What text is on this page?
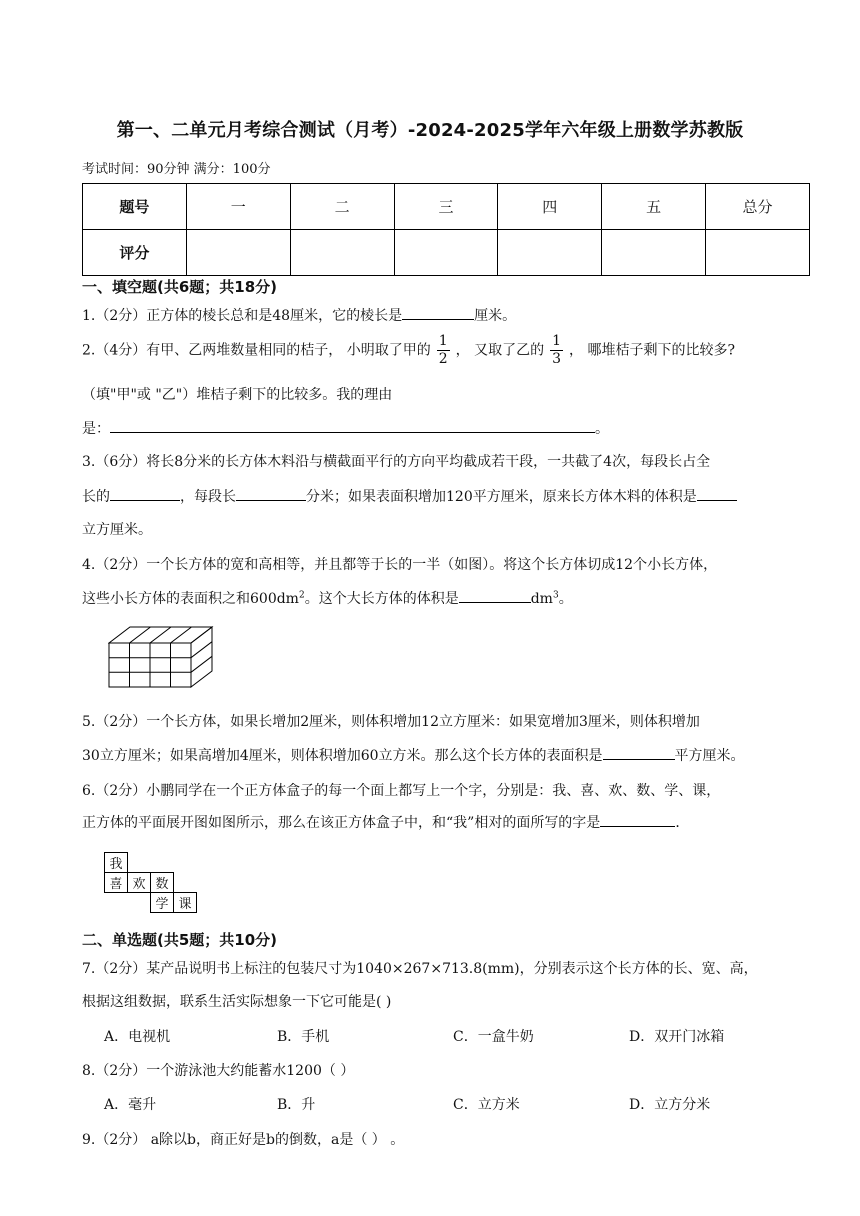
第一、二单元月考综合测试（月考）-2024-2025学年六年级上册数学苏教版
考试时间：90分钟 满分：100分
题号	一	二	三	四	五	总分
评分						
一、填空题(共6题；共18分)
1.（2分）正方体的棱长总和是48厘米，它的棱长是	厘米。
2.（4分）有甲、乙两堆数量相同的桔子， 小明取了甲的 $\frac{1}{2}$ ， 又取了乙的 $\frac{1}{3}$ ， 哪堆桔子剩下的比较多?
（填"甲"或 "乙"）堆桔子剩下的比较多。我的理由
是：	。
3.（6分）将长8分米的长方体木料沿与横截面平行的方向平均截成若干段，一共截了4次，每段长占全
长的	，每段长	分米；如果表面积增加120平方厘米，原来长方体木料的体积是
立方厘米。
4.（2分）一个长方体的宽和高相等，并且都等于长的一半（如图）。将这个长方体切成12个小长方体，
这些小长方体的表面积之和$600dm^2$。这个大长方体的体积是	$dm^3$。
5.（2分）一个长方体，如果长增加2厘米，则体积增加12立方厘米：如果宽增加3厘米，则体积增加
30立方厘米；如果高增加4厘米，则体积增加60立方米。那么这个长方体的表面积是	平方厘米。
6.（2分）小鹏同学在一个正方体盒子的每一个面上都写上一个字，分别是：我、喜、欢、数、学、课，
正方体的平面展开图如图所示，那么在该正方体盒子中，和“我”相对的面所写的字是	．
我			
喜	欢	数	
		学	课
二、单选题(共5题；共10分)
7.（2分）某产品说明书上标注的包装尺寸为1040×267×713.8(mm)，分别表示这个长方体的长、宽、高，
根据这组数据，联系生活实际想象一下它可能是( )
A．电视机	B．手机	C．一盒牛奶	D．双开门冰箱
8.（2分）一个游泳池大约能蓄水1200（ ）
A．毫升	B．升	C．立方米	D．立方分米
9.（2分） a除以b，商正好是b的倒数，a是（ ） 。
